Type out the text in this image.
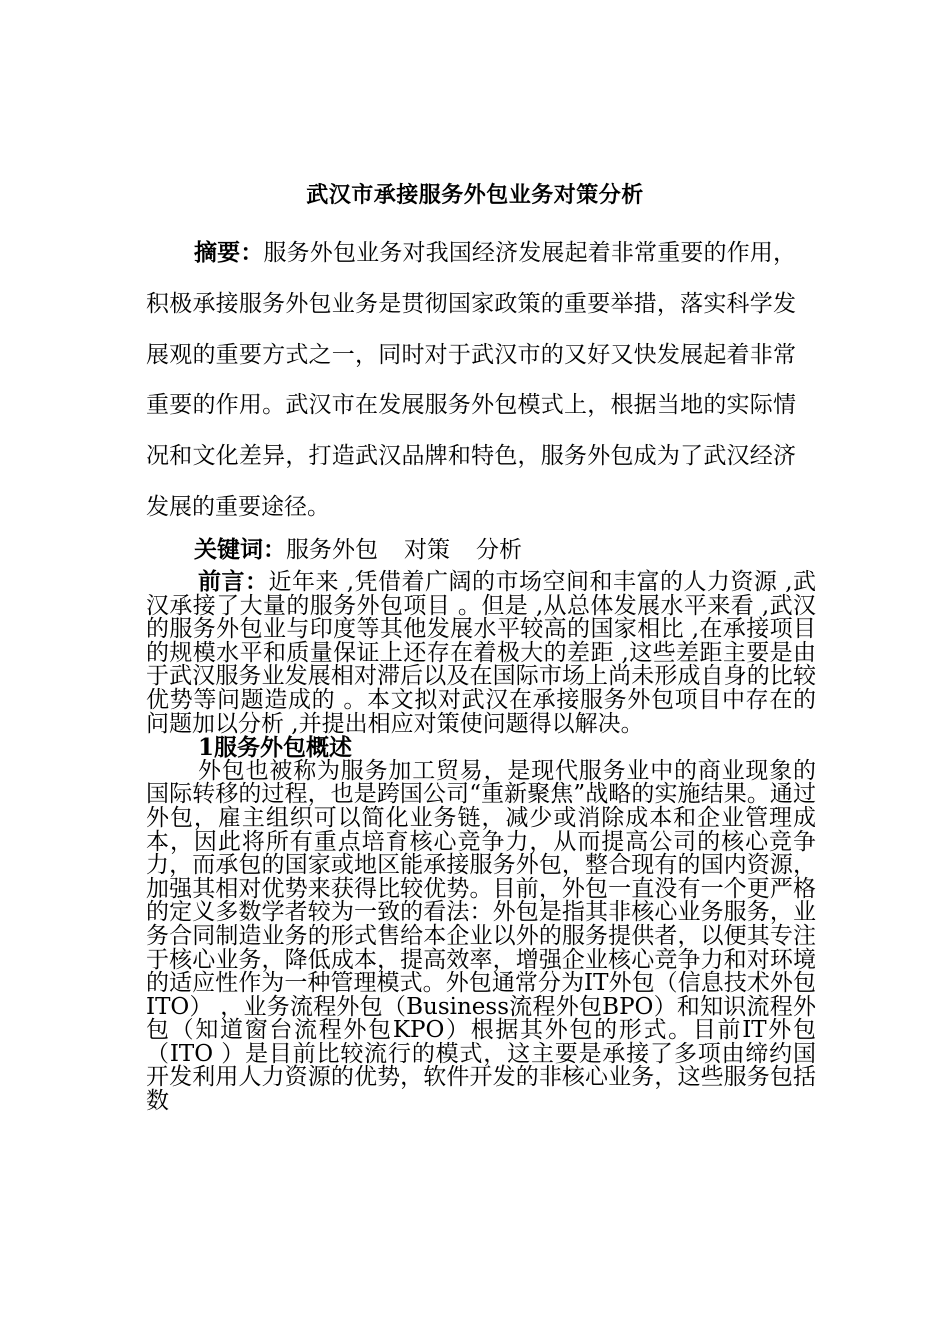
武汉市承接服务外包业务对策分析

摘要：服务外包业务对我国经济发展起着非常重要的作用，积极承接服务外包业务是贯彻国家政策的重要举措，落实科学发展观的重要方式之一，同时对于武汉市的又好又快发展起着非常重要的作用。武汉市在发展服务外包模式上，根据当地的实际情况和文化差异，打造武汉品牌和特色，服务外包成为了武汉经济发展的重要途径。

关键词：服务外包 对策 分析

前言：近年来 ,凭借着广阔的市场空间和丰富的人力资源 ,武汉承接了大量的服务外包项目 。但是 ,从总体发展水平来看 ,武汉的服务外包业与印度等其他发展水平较高的国家相比 ,在承接项目的规模水平和质量保证上还存在着极大的差距 ,这些差距主要是由于武汉服务业发展相对滞后以及在国际市场上尚未形成自身的比较优势等问题造成的 。本文拟对武汉在承接服务外包项目中存在的问题加以分析 ,并提出相应对策使问题得以解决。

1服务外包概述

外包也被称为服务加工贸易，是现代服务业中的商业现象的国际转移的过程，也是跨国公司“重新聚焦”战略的实施结果。通过外包，雇主组织可以简化业务链，减少或消除成本和企业管理成本，因此将所有重点培育核心竞争力，从而提高公司的核心竞争力，而承包的国家或地区能承接服务外包，整合现有的国内资源，加强其相对优势来获得比较优势。目前，外包一直没有一个更严格的定义多数学者较为一致的看法：外包是指其非核心业务服务，业务合同制造业务的形式售给本企业以外的服务提供者，以便其专注于核心业务，降低成本，提高效率，增强企业核心竞争力和对环境的适应性作为一种管理模式。外包通常分为IT外包（信息技术外包ITO） ，业务流程外包（Business流程外包BPO）和知识流程外包（知道窗台流程外包KPO）根据其外包的形式。目前IT外包（ITO ）是目前比较流行的模式，这主要是承接了多项由缔约国开发利用人力资源的优势，软件开发的非核心业务，这些服务包括数
